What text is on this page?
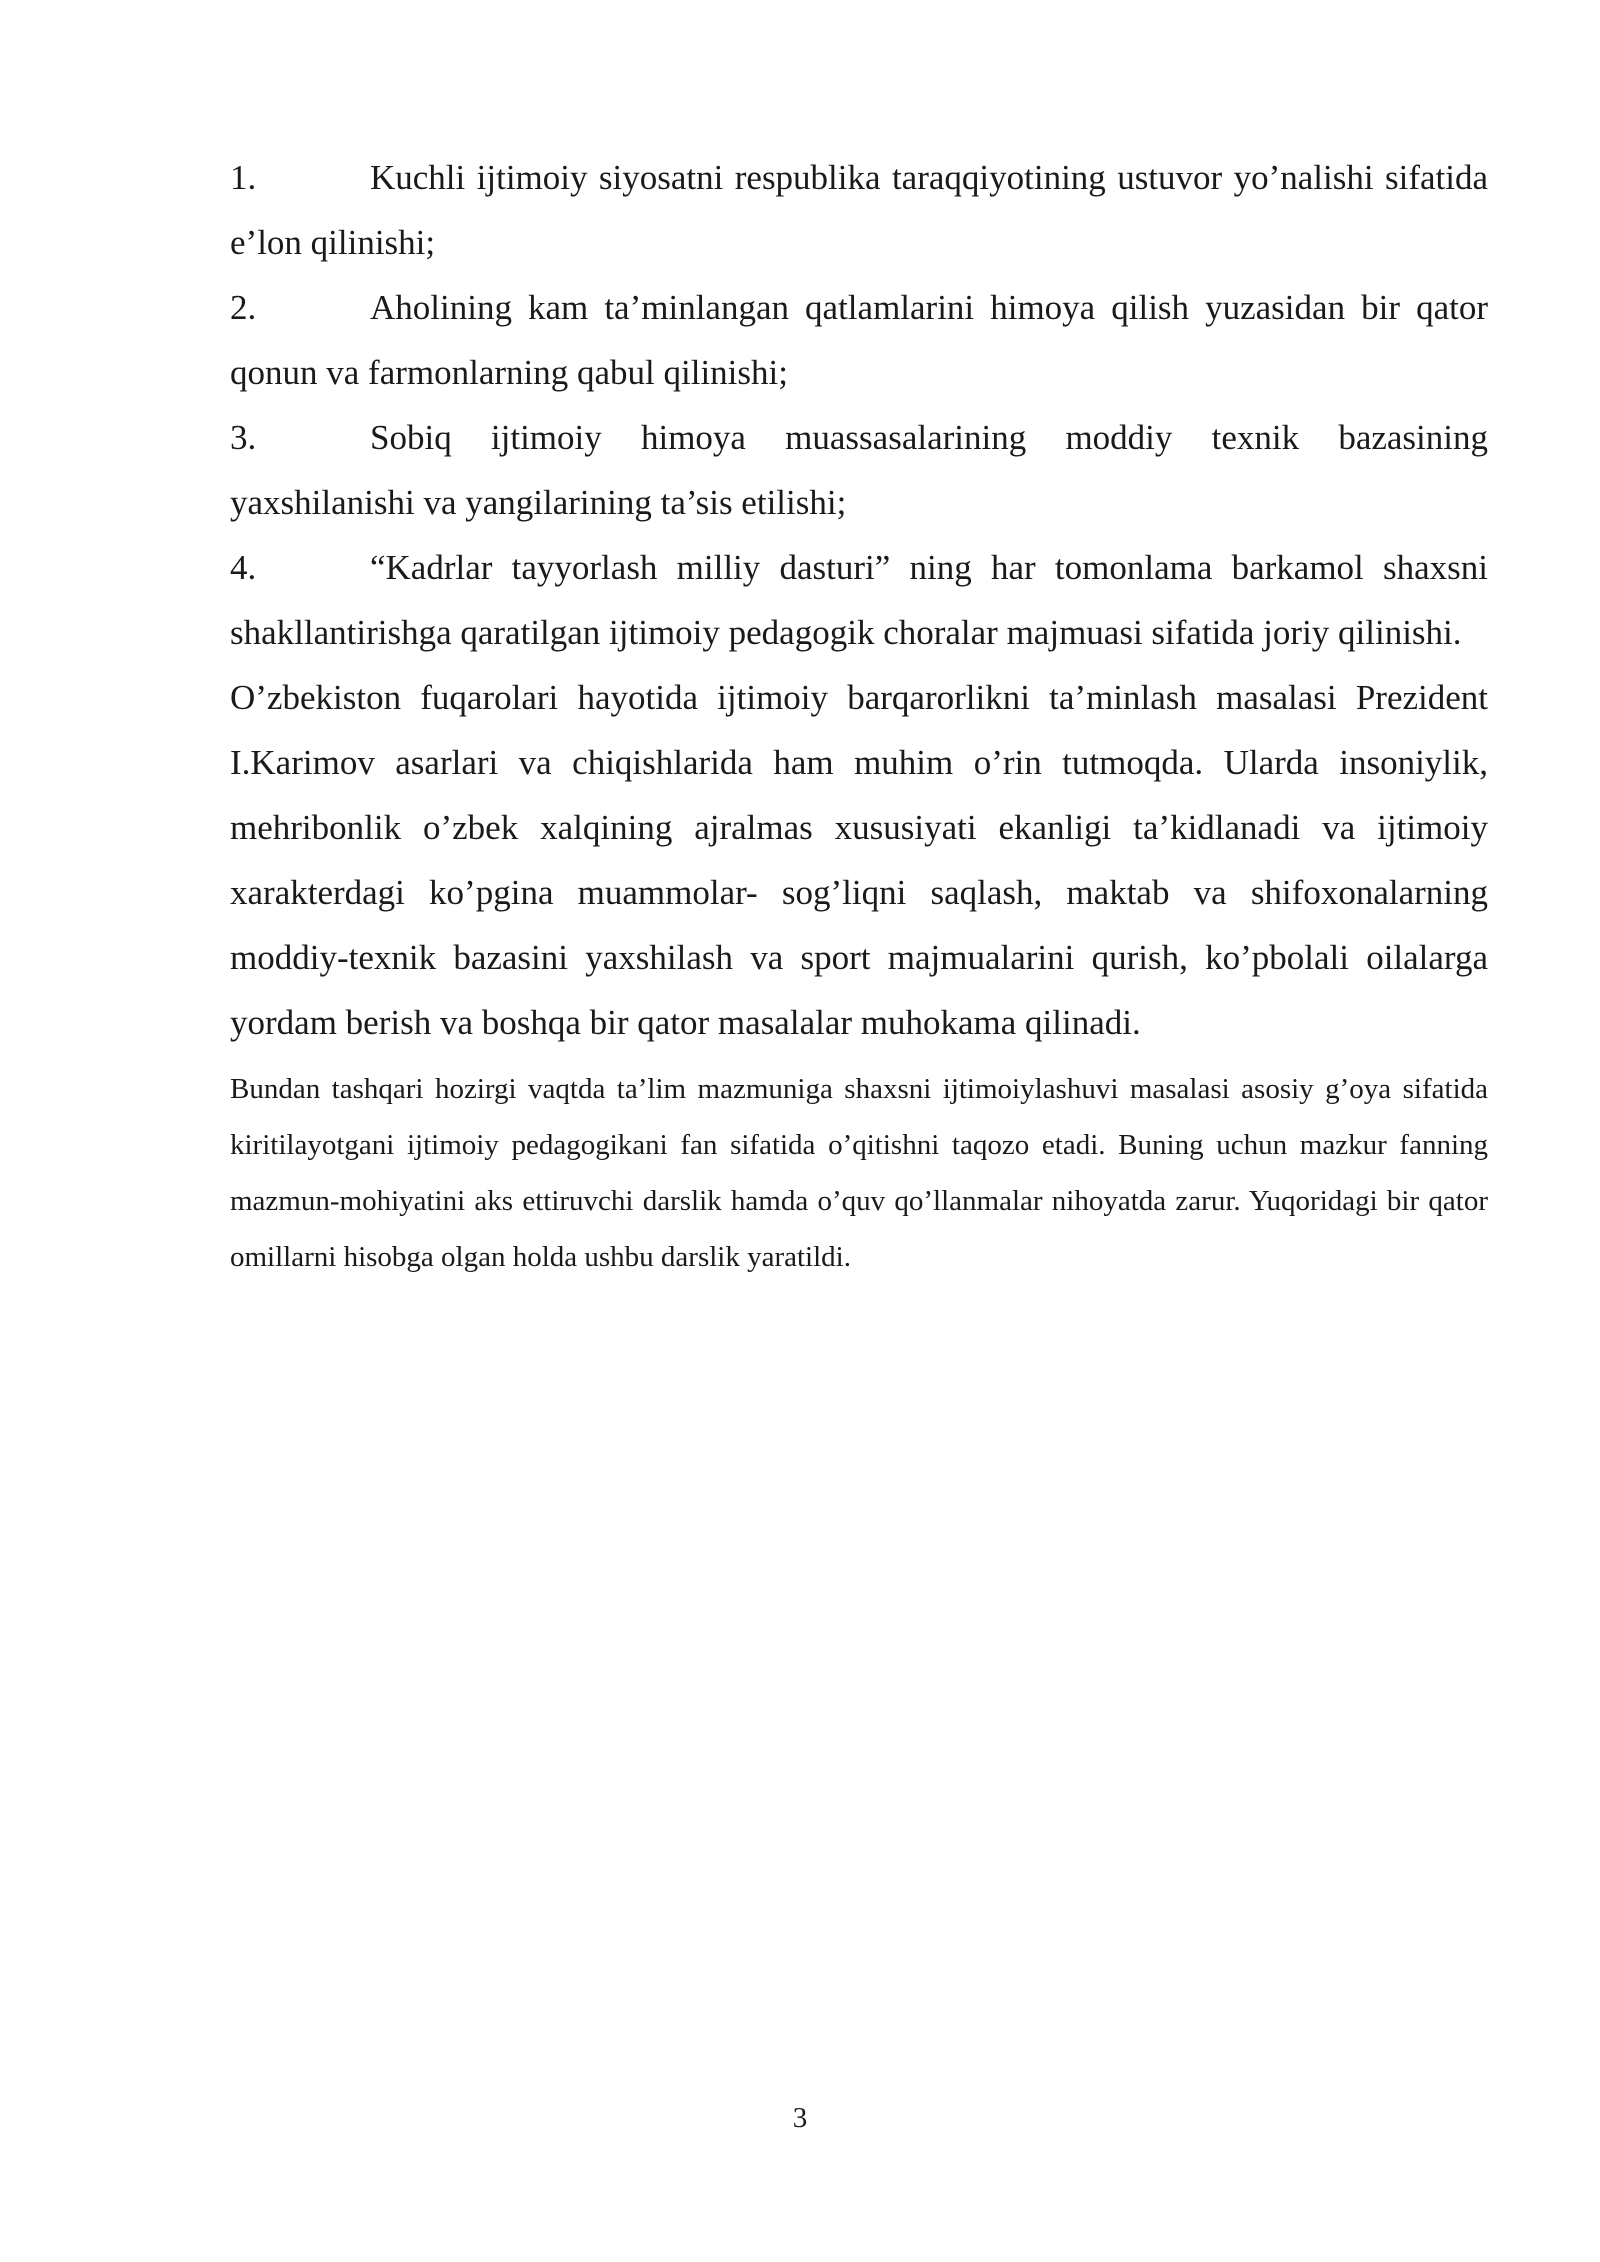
1.	Kuchli ijtimoiy siyosatni respublika taraqqiyotining ustuvor yo’nalishi sifatida e’lon qilinishi;

2.	Aholining kam ta’minlangan qatlamlarini himoya qilish yuzasidan bir qator qonun va farmonlarning qabul qilinishi;

3.	Sobiq ijtimoiy himoya muassasalarining moddiy texnik bazasining yaxshilanishi va yangilarining ta’sis etilishi;

4.	“Kadrlar tayyorlash milliy dasturi” ning har tomonlama barkamol shaxsni shakllantirishga qaratilgan ijtimoiy pedagogik choralar majmuasi sifatida joriy qilinishi.

O’zbekiston fuqarolari hayotida ijtimoiy barqarorlikni ta’minlash masalasi Prezident I.Karimov asarlari va chiqishlarida ham muhim o’rin tutmoqda. Ularda insoniylik, mehribonlik o’zbek xalqining ajralmas xususiyati ekanligi ta’kidlanadi va ijtimoiy xarakterdagi ko’pgina muammolar- sog’liqni saqlash, maktab va shifoxonalarning moddiy-texnik bazasini yaxshilash va sport majmualarini qurish, ko’pbolali oilalarga yordam berish va boshqa bir qator masalalar muhokama qilinadi.

Bundan tashqari hozirgi vaqtda ta’lim mazmuniga shaxsni ijtimoiylashuvi masalasi asosiy g’oya sifatida kiritilayotgani ijtimoiy pedagogikani fan sifatida o’qitishni taqozo etadi. Buning uchun mazkur fanning mazmun-mohiyatini aks ettiruvchi darslik hamda o’quv qo’llanmalar nihoyatda zarur. Yuqoridagi bir qator omillarni hisobga olgan holda ushbu darslik yaratildi.

3
